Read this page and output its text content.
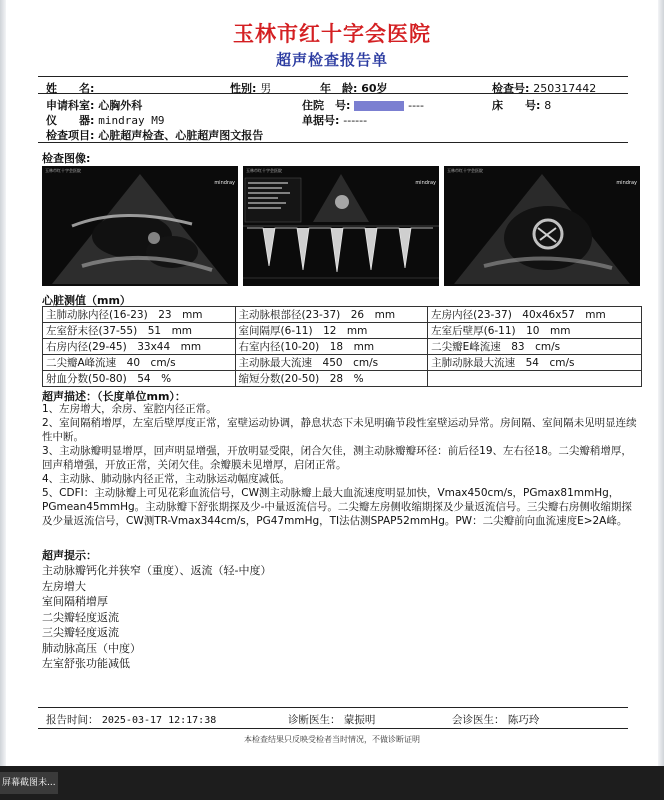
玉林市红十字会医院
超声检查报告单
姓　　名:	性别: 男	年　龄: 60岁	检查号: 250317442
申请科室: 心胸外科	住院　号:	----	床　　号: 8
仪　　器: mindray M9	单据号: ------
检查项目: 心脏超声检查、心脏超声图文报告
检查图像:
玉林市红十字会医院
mindray
玉林市红十字会医院
mindray
玉林市红十字会医院
mindray
心脏测值（mm）
主肺动脉内径(16-23)　23　mm	主动脉根部径(23-37)　26　mm	左房内径(23-37)　40x46x57　mm
左室舒末径(37-55)　51　mm	室间隔厚(6-11)　12　mm	左室后壁厚(6-11)　10　mm
右房内径(29-45)　33x44　mm	右室内径(10-20)　18　mm	二尖瓣E峰流速　83　cm/s
二尖瓣A峰流速　40　cm/s	主动脉最大流速　450　cm/s	主肺动脉最大流速　54　cm/s
射血分数(50-80)　54　%	缩短分数(20-50)　28　%	
超声描述：（长度单位mm）：

1、左房增大，余房、室腔内径正常。

2、室间隔稍增厚，左室后壁厚度正常，室壁运动协调，静息状态下未见明确节段性室壁运动异常。房间隔、室间隔未见明显连续性中断。

3、主动脉瓣明显增厚，回声明显增强，开放明显受限，闭合欠佳，测主动脉瓣瓣环径：前后径19、左右径18。二尖瓣稍增厚，回声稍增强，开放正常，关闭欠佳。余瓣膜未见增厚，启闭正常。

4、主动脉、肺动脉内径正常，主动脉运动幅度减低。

5、CDFI：主动脉瓣上可见花彩血流信号，CW测主动脉瓣上最大血流速度明显加快，Vmax450cm/s，PGmax81mmHg，PGmean45mmHg。主动脉瓣下舒张期探及少-中量返流信号。二尖瓣左房侧收缩期探及少量返流信号。三尖瓣右房侧收缩期探及少量返流信号，CW测TR-Vmax344cm/s，PG47mmHg，TI法估测SPAP52mmHg。PW：二尖瓣前向血流速度E>2A峰。

超声提示：
主动脉瓣钙化并狭窄（重度）、返流（轻-中度）
左房增大
室间隔稍增厚
二尖瓣轻度返流
三尖瓣轻度返流
肺动脉高压（中度）
左室舒张功能减低
报告时间： 2025-03-17 12:17:38	诊断医生： 蒙振明	会诊医生： 陈巧玲
本检查结果只反映受检者当时情况，不做诊断证明
屏幕截图未...
